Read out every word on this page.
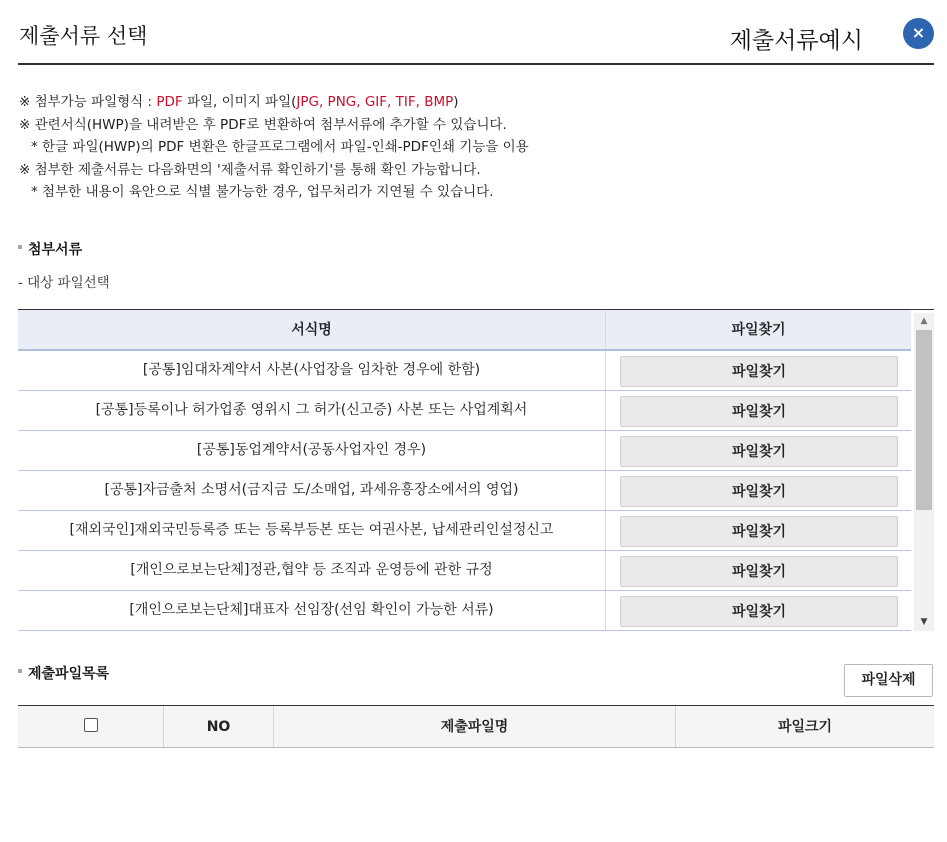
제출서류 선택	제출서류예시	×
※ 첨부가능 파일형식 : PDF 파일, 이미지 파일(JPG, PNG, GIF, TIF, BMP)
※ 관련서식(HWP)을 내려받은 후 PDF로 변환하여 첨부서류에 추가할 수 있습니다.
* 한글 파일(HWP)의 PDF 변환은 한글프로그램에서 파일-인쇄-PDF인쇄 기능을 이용
※ 첨부한 제출서류는 다음화면의 '제출서류 확인하기'를 통해 확인 가능합니다.
* 첨부한 내용이 육안으로 식별 불가능한 경우, 업무처리가 지연될 수 있습니다.
첨부서류
- 대상 파일선택
서식명	파일찾기
[공통]임대차계약서 사본(사업장을 임차한 경우에 한함)	파일찾기
[공통]등록이나 허가업종 영위시 그 허가(신고증) 사본 또는 사업계획서	파일찾기
[공통]동업계약서(공동사업자인 경우)	파일찾기
[공통]자금출처 소명서(금지금 도/소매업, 과세유흥장소에서의 영업)	파일찾기
[재외국인]재외국민등록증 또는 등록부등본 또는 여권사본, 납세관리인설정신고	파일찾기
[개인으로보는단체]정관,협약 등 조직과 운영등에 관한 규정	파일찾기
[개인으로보는단체]대표자 선임장(선임 확인이 가능한 서류)	파일찾기
▲
▼
제출파일목록	파일삭제
NO	제출파일명	파일크기
